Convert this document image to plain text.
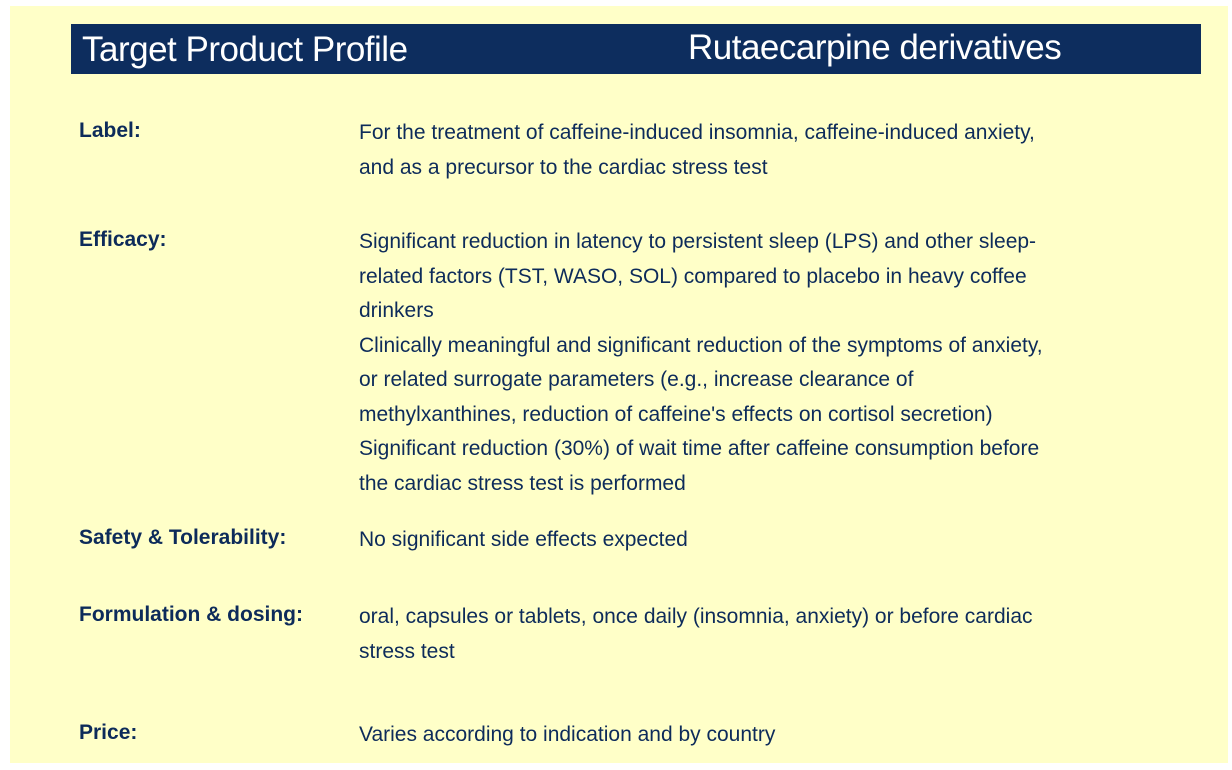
Target Product Profile	Rutaecarpine derivatives
Label:	For the treatment of caffeine-induced insomnia, caffeine-induced anxiety,
and as a precursor to the cardiac stress test
Efficacy:	Significant reduction in latency to persistent sleep (LPS) and other sleep-
related factors (TST, WASO, SOL) compared to placebo in heavy coffee
drinkers
Clinically meaningful and significant reduction of the symptoms of anxiety,
or related surrogate parameters (e.g., increase clearance of
methylxanthines, reduction of caffeine's effects on cortisol secretion)
Significant reduction (30%) of wait time after caffeine consumption before
the cardiac stress test is performed
Safety & Tolerability:	No significant side effects expected
Formulation & dosing:	oral, capsules or tablets, once daily (insomnia, anxiety) or before cardiac
stress test
Price:	Varies according to indication and by country
